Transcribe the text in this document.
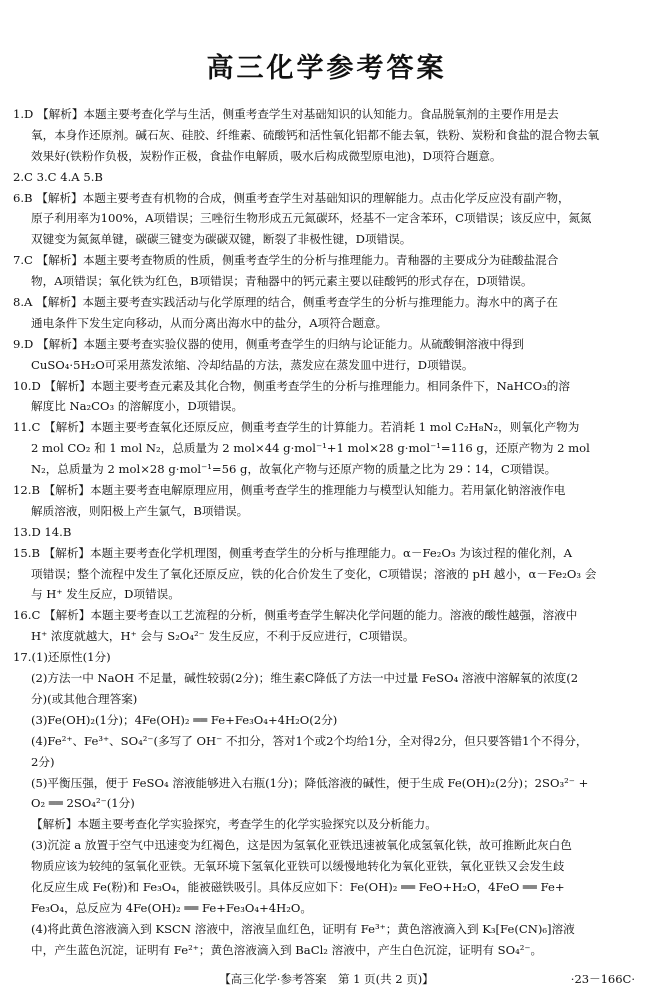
高三化学参考答案
1.D 【解析】本题主要考查化学与生活，侧重考查学生对基础知识的认知能力。食品脱氧剂的主要作用是去
氧，本身作还原剂。碱石灰、硅胶、纤维素、硫酸钙和活性氧化铝都不能去氧，铁粉、炭粉和食盐的混合物去氧
效果好(铁粉作负极，炭粉作正极，食盐作电解质，吸水后构成微型原电池)，D项符合题意。
2.C 3.C 4.A 5.B
6.B 【解析】本题主要考查有机物的合成，侧重考查学生对基础知识的理解能力。点击化学反应没有副产物，
原子利用率为100%，A项错误；三唑衍生物形成五元氮碳环，烃基不一定含苯环，C项错误；该反应中，氮氮
双键变为氮氮单键，碳碳三键变为碳碳双键，断裂了非极性键，D项错误。
7.C 【解析】本题主要考查物质的性质，侧重考查学生的分析与推理能力。青釉器的主要成分为硅酸盐混合
物，A项错误；氧化铁为红色，B项错误；青釉器中的钙元素主要以硅酸钙的形式存在，D项错误。
8.A 【解析】本题主要考查实践活动与化学原理的结合，侧重考查学生的分析与推理能力。海水中的离子在
通电条件下发生定向移动，从而分离出海水中的盐分，A项符合题意。
9.D 【解析】本题主要考查实验仪器的使用，侧重考查学生的归纳与论证能力。从硫酸铜溶液中得到
CuSO₄·5H₂O可采用蒸发浓缩、冷却结晶的方法，蒸发应在蒸发皿中进行，D项错误。
10.D 【解析】本题主要考查元素及其化合物，侧重考查学生的分析与推理能力。相同条件下，NaHCO₃的溶
解度比 Na₂CO₃ 的溶解度小，D项错误。
11.C 【解析】本题主要考查氧化还原反应，侧重考查学生的计算能力。若消耗 1 mol C₂H₈N₂，则氧化产物为
2 mol CO₂ 和 1 mol N₂，总质量为 2 mol×44 g·mol⁻¹+1 mol×28 g·mol⁻¹=116 g，还原产物为 2 mol
N₂，总质量为 2 mol×28 g·mol⁻¹=56 g，故氧化产物与还原产物的质量之比为 29∶14，C项错误。
12.B 【解析】本题主要考查电解原理应用，侧重考查学生的推理能力与模型认知能力。若用氯化钠溶液作电
解质溶液，则阳极上产生氯气，B项错误。
13.D 14.B
15.B 【解析】本题主要考查化学机理图，侧重考查学生的分析与推理能力。α－Fe₂O₃ 为该过程的催化剂，A
项错误；整个流程中发生了氧化还原反应，铁的化合价发生了变化，C项错误；溶液的 pH 越小，α－Fe₂O₃ 会
与 H⁺ 发生反应，D项错误。
16.C 【解析】本题主要考查以工艺流程的分析，侧重考查学生解决化学问题的能力。溶液的酸性越强，溶液中
H⁺ 浓度就越大，H⁺ 会与 S₂O₄²⁻ 发生反应，不利于反应进行，C项错误。
17.(1)还原性(1分)
(2)方法一中 NaOH 不足量，碱性较弱(2分)；维生素C降低了方法一中过量 FeSO₄ 溶液中溶解氧的浓度(2
分)(或其他合理答案)
(3)Fe(OH)₂(1分)；4Fe(OH)₂ ══ Fe+Fe₃O₄+4H₂O(2分)
(4)Fe²⁺、Fe³⁺、SO₄²⁻(多写了 OH⁻ 不扣分，答对1个或2个均给1分，全对得2分，但只要答错1个不得分，
2分)
(5)平衡压强，便于 FeSO₄ 溶液能够进入右瓶(1分)；降低溶液的碱性，便于生成 Fe(OH)₂(2分)；2SO₃²⁻ +
O₂ ══ 2SO₄²⁻(1分)
【解析】本题主要考查化学实验探究，考查学生的化学实验探究以及分析能力。
(3)沉淀 a 放置于空气中迅速变为红褐色，这是因为氢氧化亚铁迅速被氧化成氢氧化铁，故可推断此灰白色
物质应该为较纯的氢氧化亚铁。无氧环境下氢氧化亚铁可以缓慢地转化为氧化亚铁，氧化亚铁又会发生歧
化反应生成 Fe(粉)和 Fe₃O₄，能被磁铁吸引。具体反应如下：Fe(OH)₂ ══ FeO+H₂O，4FeO ══ Fe+
Fe₃O₄，总反应为 4Fe(OH)₂ ══ Fe+Fe₃O₄+4H₂O。
(4)将此黄色溶液滴入到 KSCN 溶液中，溶液呈血红色，证明有 Fe³⁺；黄色溶液滴入到 K₃[Fe(CN)₆]溶液
中，产生蓝色沉淀，证明有 Fe²⁺；黄色溶液滴入到 BaCl₂ 溶液中，产生白色沉淀，证明有 SO₄²⁻。
【高三化学·参考答案　第 1 页(共 2 页)】	·23－166C·
